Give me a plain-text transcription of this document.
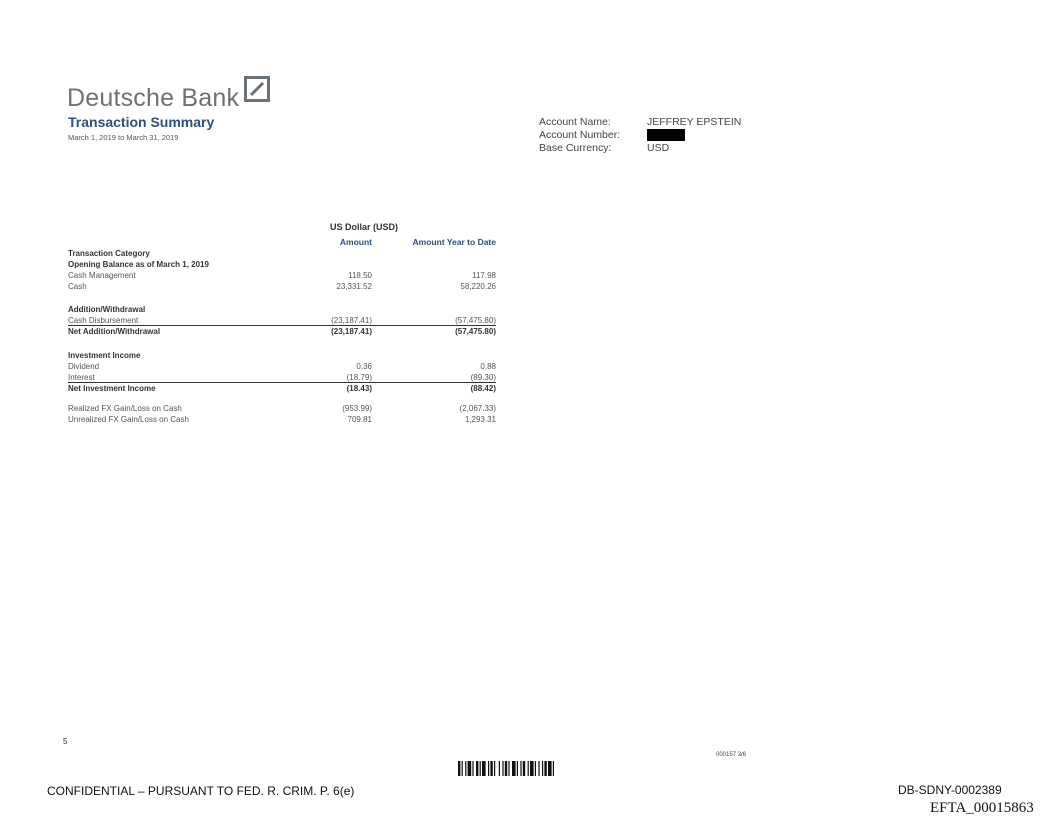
Deutsche Bank
Transaction Summary
March 1, 2019 to March 31, 2019
Account Name:	JEFFREY EPSTEIN
Account Number:
Base Currency:	USD
US Dollar (USD)
Amount	Amount Year to Date
Transaction Category
Opening Balance as of March 1, 2019
Cash Management	118.50	117.98
Cash	23,331.52	58,220.26
Addition/Withdrawal
Cash Disbursement	(23,187.41)	(57,475.80)
Net Addition/Withdrawal	(23,187.41)	(57,475.80)
Investment Income
Dividend	0.36	0.88
Interest	(18.79)	(89.30)
Net Investment Income	(18.43)	(88.42)
Realized FX Gain/Loss on Cash	(953.99)	(2,067.33)
Unrealized FX Gain/Loss on Cash	709.81	1,293.31
5
000157 3/6
CONFIDENTIAL – PURSUANT TO FED. R. CRIM. P. 6(e)	DB-SDNY-0002389
EFTA_00015863
